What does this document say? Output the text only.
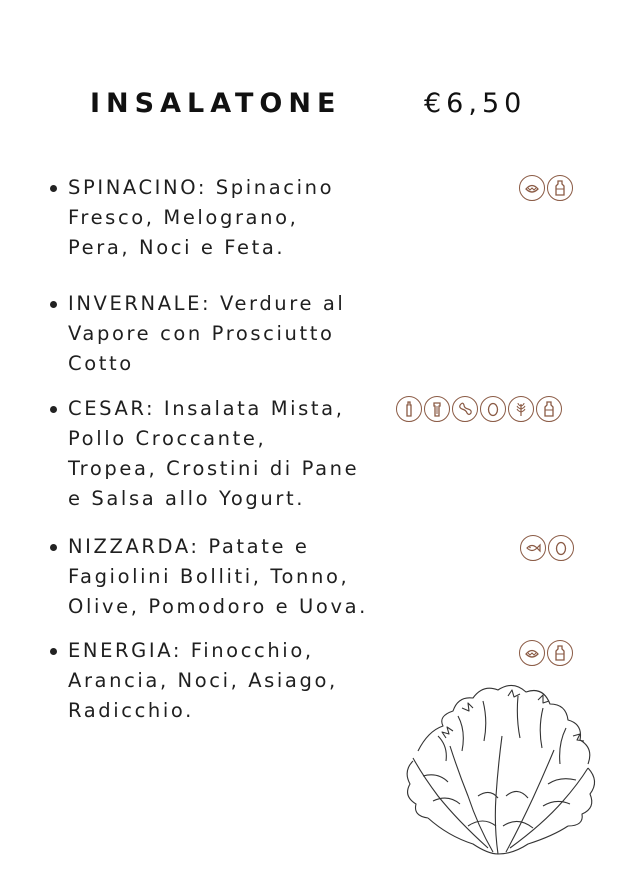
INSALATONE	€6,50
SPINACINO: Spinacino
Fresco, Melograno,
Pera, Noci e Feta.
INVERNALE: Verdure al
Vapore con Prosciutto
Cotto
CESAR: Insalata Mista,
Pollo Croccante,
Tropea, Crostini di Pane
e Salsa allo Yogurt.
NIZZARDA: Patate e
Fagiolini Bolliti, Tonno,
Olive, Pomodoro e Uova.
ENERGIA: Finocchio,
Arancia, Noci, Asiago,
Radicchio.
